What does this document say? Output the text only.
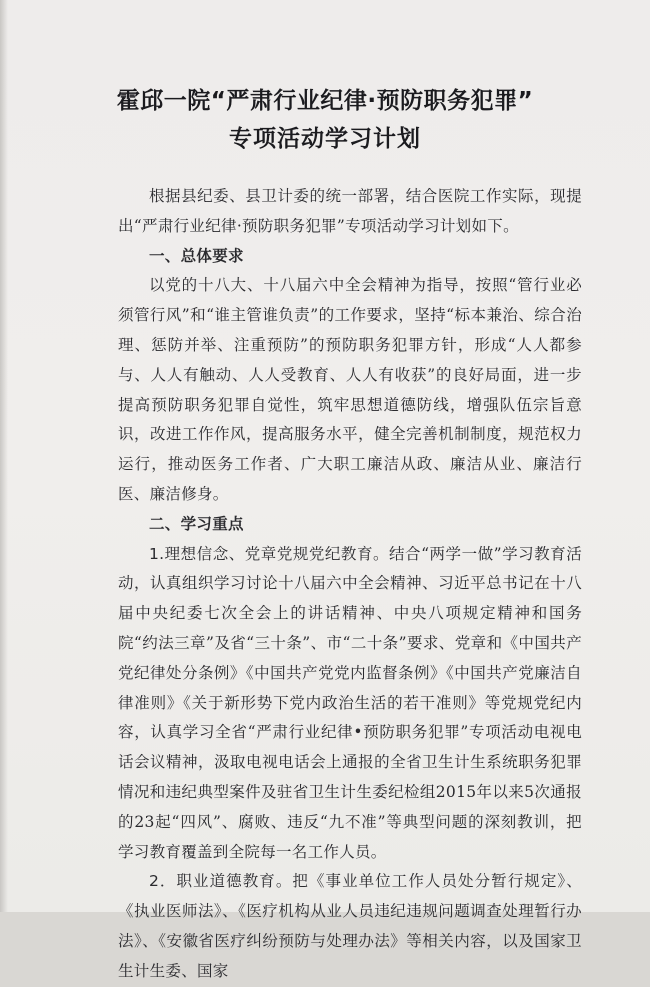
霍邱一院“严肃行业纪律·预防职务犯罪”
专项活动学习计划

根据县纪委、县卫计委的统一部署，结合医院工作实际，现提出“严肃行业纪律·预防职务犯罪”专项活动学习计划如下。

一、总体要求

以党的十八大、十八届六中全会精神为指导，按照“管行业必须管行风”和“谁主管谁负责”的工作要求，坚持“标本兼治、综合治理、惩防并举、注重预防”的预防职务犯罪方针，形成“人人都参与、人人有触动、人人受教育、人人有收获”的良好局面，进一步提高预防职务犯罪自觉性，筑牢思想道德防线，增强队伍宗旨意识，改进工作作风，提高服务水平，健全完善机制制度，规范权力运行，推动医务工作者、广大职工廉洁从政、廉洁从业、廉洁行医、廉洁修身。

二、学习重点

1.理想信念、党章党规党纪教育。结合“两学一做”学习教育活动，认真组织学习讨论十八届六中全会精神、习近平总书记在十八届中央纪委七次全会上的讲话精神、中央八项规定精神和国务院“约法三章”及省“三十条”、市“二十条”要求、党章和《中国共产党纪律处分条例》《中国共产党党内监督条例》《中国共产党廉洁自律准则》《关于新形势下党内政治生活的若干准则》等党规党纪内容，认真学习全省“严肃行业纪律•预防职务犯罪”专项活动电视电话会议精神，汲取电视电话会上通报的全省卫生计生系统职务犯罪情况和违纪典型案件及驻省卫生计生委纪检组2015年以来5次通报的23起“四风”、腐败、违反“九不准”等典型问题的深刻教训，把学习教育覆盖到全院每一名工作人员。

2．职业道德教育。把《事业单位工作人员处分暂行规定》、《执业医师法》、《医疗机构从业人员违纪违规问题调查处理暂行办法》、《安徽省医疗纠纷预防与处理办法》等相关内容，以及国家卫生计生委、国家
